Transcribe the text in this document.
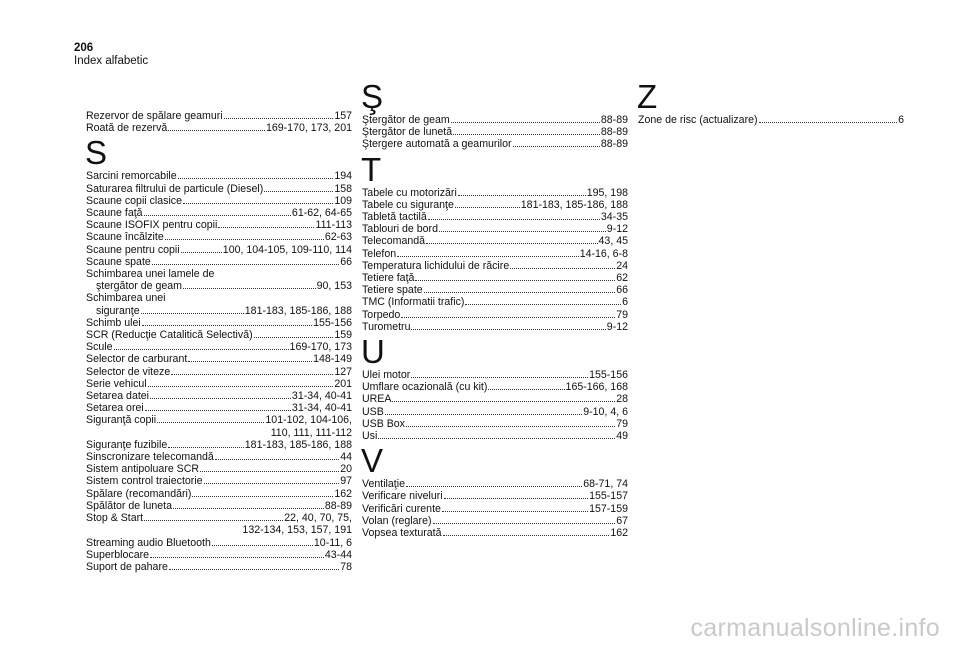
206
Index alfabetic
Rezervor de spălare geamuri	157
Roată de rezervă	169-170, 173, 201
S
Sarcini remorcabile	194
Saturarea filtrului de particule (Diesel)	158
Scaune copii clasice	109
Scaune faţă	61-62, 64-65
Scaune ISOFIX pentru copii	111-113
Scaune încălzite	62-63
Scaune pentru copii	100, 104-105, 109-110, 114
Scaune spate	66
Schimbarea unei lamele de
ştergător de geam	90, 153
Schimbarea unei
siguranţe	181-183, 185-186, 188
Schimb ulei	155-156
SCR (Reducţie Catalitică Selectivă)	159
Scule	169-170, 173
Selector de carburant	148-149
Selector de viteze	127
Serie vehicul	201
Setarea datei	31-34, 40-41
Setarea orei	31-34, 40-41
Siguranţă copii	101-102, 104-106,
110, 111, 111-112
Siguranţe fuzibile	181-183, 185-186, 188
Sinscronizare telecomandă	44
Sistem antipoluare SCR	20
Sistem control traiectorie	97
Spălare (recomandări)	162
Spălător de luneta	88-89
Stop & Start	22, 40, 70, 75,
132-134, 153, 157, 191
Streaming audio Bluetooth	10-11, 6
Superblocare	43-44
Suport de pahare	78
Ş
Ştergător de geam	88-89
Ştergător de lunetă	88-89
Ştergere automată a geamurilor	88-89
T
Tabele cu motorizări	195, 198
Tabele cu siguranţe	181-183, 185-186, 188
Tabletă tactilă	34-35
Tablouri de bord	9-12
Telecomandă	43, 45
Telefon	14-16, 6-8
Temperatura lichidului de răcire	24
Tetiere faţă	62
Tetiere spate	66
TMC (Informatii trafic)	6
Torpedo	79
Turometru	9-12
U
Ulei motor	155-156
Umflare ocazională (cu kit)	165-166, 168
UREA	28
USB	9-10, 4, 6
USB Box	79
Usi	49
V
Ventilaţie	68-71, 74
Verificare niveluri	155-157
Verificări curente	157-159
Volan (reglare)	67
Vopsea texturată	162
Z
Zone de risc (actualizare)	6
carmanualsonline.info
